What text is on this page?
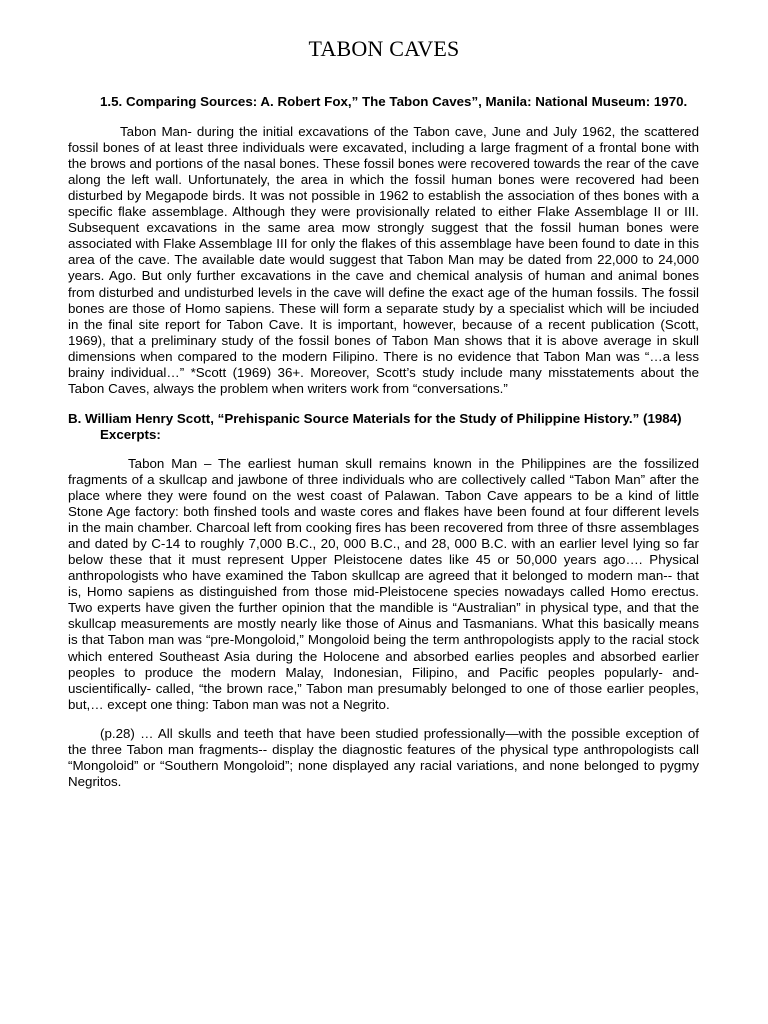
TABON CAVES

1.5. Comparing Sources: A. Robert Fox,” The Tabon Caves”, Manila: National Museum: 1970.

Tabon Man- during the initial excavations of the Tabon cave, June and July 1962, the scattered fossil bones of at least three individuals were excavated, including a large fragment of a frontal bone with the brows and portions of the nasal bones. These fossil bones were recovered towards the rear of the cave along the left wall. Unfortunately, the area in which the fossil human bones were recovered had been disturbed by Megapode birds. It was not possible in 1962 to establish the association of thes bones with a specific flake assemblage. Although they were provisionally related to either Flake Assemblage II or III. Subsequent excavations in the same area mow strongly suggest that the fossil human bones were associated with Flake Assemblage III for only the flakes of this assemblage have been found to date in this area of the cave. The available date would suggest that Tabon Man may be dated from 22,000 to 24,000 years. Ago. But only further excavations in the cave and chemical analysis of human and animal bones from disturbed and undisturbed levels in the cave will define the exact age of the human fossils. The fossil bones are those of Homo sapiens. These will form a separate study by a specialist which will be inciuded in the final site report for Tabon Cave. It is important, however, because of a recent publication (Scott, 1969), that a preliminary study of the fossil bones of Tabon Man shows that it is above average in skull dimensions when compared to the modern Filipino. There is no evidence that Tabon Man was “…a less brainy individual…” *Scott (1969) 36+. Moreover, Scott’s study include many misstatements about the Tabon Caves, always the problem when writers work from “conversations.”

B. William Henry Scott, “Prehispanic Source Materials for the Study of Philippine History.” (1984)

Excerpts:

Tabon Man – The earliest human skull remains known in the Philippines are the fossilized fragments of a skullcap and jawbone of three individuals who are collectively called “Tabon Man” after the place where they were found on the west coast of Palawan. Tabon Cave appears to be a kind of little Stone Age factory: both finshed tools and waste cores and flakes have been found at four different levels in the main chamber. Charcoal left from cooking fires has been recovered from three of thsre assemblages and dated by C-14 to roughly 7,000 B.C., 20, 000 B.C., and 28, 000 B.C. with an earlier level lying so far below these that it must represent Upper Pleistocene dates like 45 or 50,000 years ago…. Physical anthropologists who have examined the Tabon skullcap are agreed that it belonged to modern man-- that is, Homo sapiens as distinguished from those mid-Pleistocene species nowadays called Homo erectus. Two experts have given the further opinion that the mandible is “Australian” in physical type, and that the skullcap measurements are mostly nearly like those of Ainus and Tasmanians. What this basically means is that Tabon man was “pre-Mongoloid,” Mongoloid being the term anthropologists apply to the racial stock which entered Southeast Asia during the Holocene and absorbed earlies peoples and absorbed earlier peoples to produce the modern Malay, Indonesian, Filipino, and Pacific peoples popularly- and- uscientifically- called, “the brown race,” Tabon man presumably belonged to one of those earlier peoples, but,… except one thing: Tabon man was not a Negrito.

(p.28) … All skulls and teeth that have been studied professionally—with the possible exception of the three Tabon man fragments-- display the diagnostic features of the physical type anthropologists call “Mongoloid” or “Southern Mongoloid”; none displayed any racial variations, and none belonged to pygmy Negritos.
